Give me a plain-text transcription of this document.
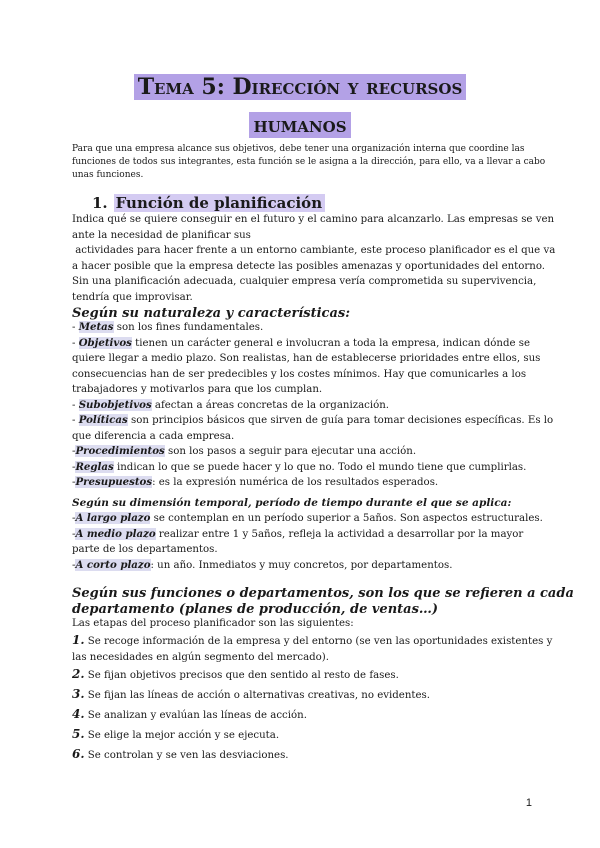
Tema 5: Dirección y recursos
humanos
Para que una empresa alcance sus objetivos, debe tener una organización interna que coordine las
funciones de todos sus integrantes, esta función se le asigna a la dirección, para ello, va a llevar a cabo
unas funciones.
1. Función de planificación
Indica qué se quiere conseguir en el futuro y el camino para alcanzarlo. Las empresas se ven
ante la necesidad de planificar sus
actividades para hacer frente a un entorno cambiante, este proceso planificador es el que va
a hacer posible que la empresa detecte las posibles amenazas y oportunidades del entorno.
Sin una planificación adecuada, cualquier empresa vería comprometida su supervivencia,
tendría que improvisar.
Según su naturaleza y características:
- Metas son los fines fundamentales.
- Objetivos tienen un carácter general e involucran a toda la empresa, indican dónde se
quiere llegar a medio plazo. Son realistas, han de establecerse prioridades entre ellos, sus
consecuencias han de ser predecibles y los costes mínimos. Hay que comunicarles a los
trabajadores y motivarlos para que los cumplan.
- Subobjetivos afectan a áreas concretas de la organización.
- Políticas son principios básicos que sirven de guía para tomar decisiones específicas. Es lo
que diferencia a cada empresa.
-Procedimientos son los pasos a seguir para ejecutar una acción.
-Reglas indican lo que se puede hacer y lo que no. Todo el mundo tiene que cumplirlas.
-Presupuestos: es la expresión numérica de los resultados esperados.
Según su dimensión temporal, período de tiempo durante el que se aplica:
-A largo plazo se contemplan en un período superior a 5años. Son aspectos estructurales.
-A medio plazo realizar entre 1 y 5años, refleja la actividad a desarrollar por la mayor
parte de los departamentos.
-A corto plazo: un año. Inmediatos y muy concretos, por departamentos.
Según sus funciones o departamentos, son los que se refieren a cada
departamento (planes de producción, de ventas…)
Las etapas del proceso planificador son las siguientes:
1. Se recoge información de la empresa y del entorno (se ven las oportunidades existentes y
las necesidades en algún segmento del mercado).
2. Se fijan objetivos precisos que den sentido al resto de fases.
3. Se fijan las líneas de acción o alternativas creativas, no evidentes.
4. Se analizan y evalúan las líneas de acción.
5. Se elige la mejor acción y se ejecuta.
6. Se controlan y se ven las desviaciones.
1
